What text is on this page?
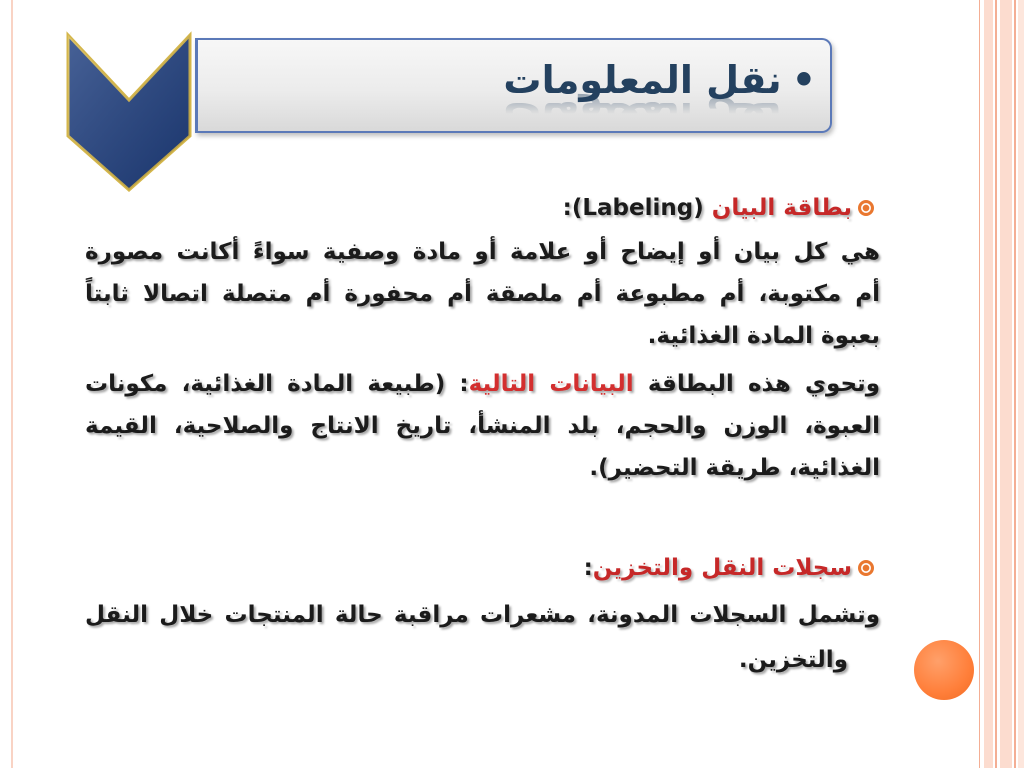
•نقل المعلومات
بطاقة البيان (Labeling):
هي كل بيان أو إيضاح أو علامة أو مادة وصفية سواءً أكانت مصورة
أم مكتوبة، أم مطبوعة أم ملصقة أم محفورة أم متصلة اتصالا ثابتاً
بعبوة المادة الغذائية.
وتحوي هذه البطاقة البيانات التالية: (طبيعة المادة الغذائية، مكونات
العبوة، الوزن والحجم، بلد المنشأ، تاريخ الانتاج والصلاحية، القيمة
الغذائية، طريقة التحضير).
سجلات النقل والتخزين:
وتشمل السجلات المدونة، مشعرات مراقبة حالة المنتجات خلال النقل
والتخزين.
